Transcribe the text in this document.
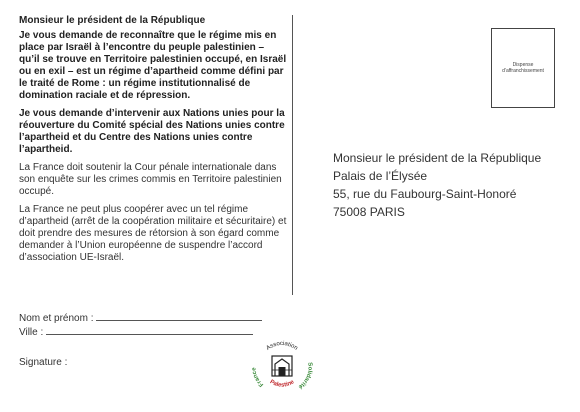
Monsieur le président de la République

Je vous demande de reconnaître que le régime mis en place par Israël à l’encontre du peuple palestinien – qu’il se trouve en Territoire palestinien occupé, en Israël ou en exil – est un régime d’apartheid comme défini par le traité de Rome : un régime institutionnalisé de domination raciale et de répression.

Je vous demande d’intervenir aux Nations unies pour la réouverture du Comité spécial des Nations unies contre l’apartheid et du Centre des Nations unies contre l’apartheid.

La France doit soutenir la Cour pénale internationale dans son enquête sur les crimes commis en Territoire palestinien occupé.

La France ne peut plus coopérer avec un tel régime d’apartheid (arrêt de la coopération militaire et sécuritaire) et doit prendre des mesures de rétorsion à son égard comme demander à l’Union européenne de suspendre l’accord d’association UE-Israël.

Nom et prénom :
Ville :
Signature :
Dispense d’affranchissement
Monsieur le président de la République
Palais de l’Élysée
55, rue du Faubourg-Saint-Honoré
75008 PARIS
Association
France
Palestine
Solidarité
